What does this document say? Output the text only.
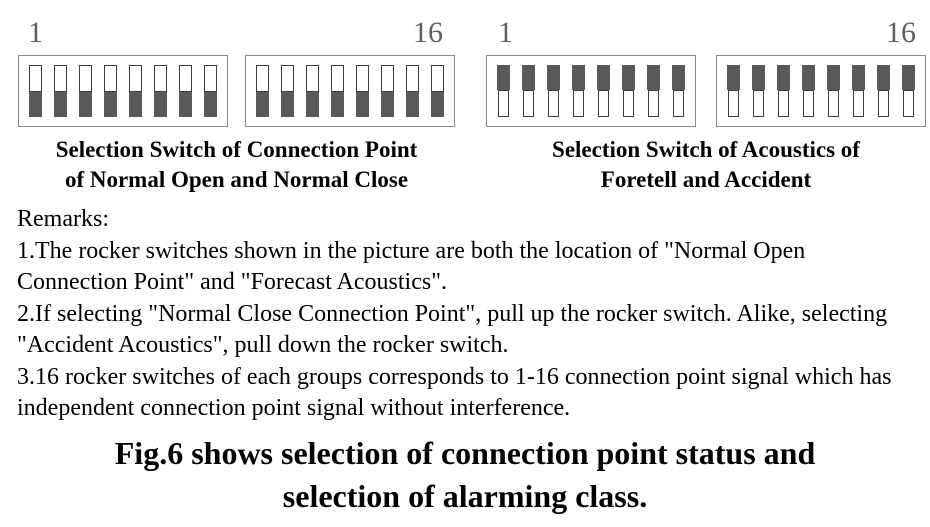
1	16
Selection Switch of Connection Point
of Normal Open and Normal Close
1	16
Selection Switch of Acoustics of
Foretell and Accident

Remarks:

1.The rocker switches shown in the picture are both the location of "Normal Open Connection Point" and "Forecast Acoustics".

2.If selecting "Normal Close Connection Point", pull up the rocker switch. Alike, selecting "Accident Acoustics", pull down the rocker switch.

3.16 rocker switches of each groups corresponds to 1-16 connection point signal which has independent connection point signal without interference.

Fig.6 shows selection of connection point status and selection of alarming class.
